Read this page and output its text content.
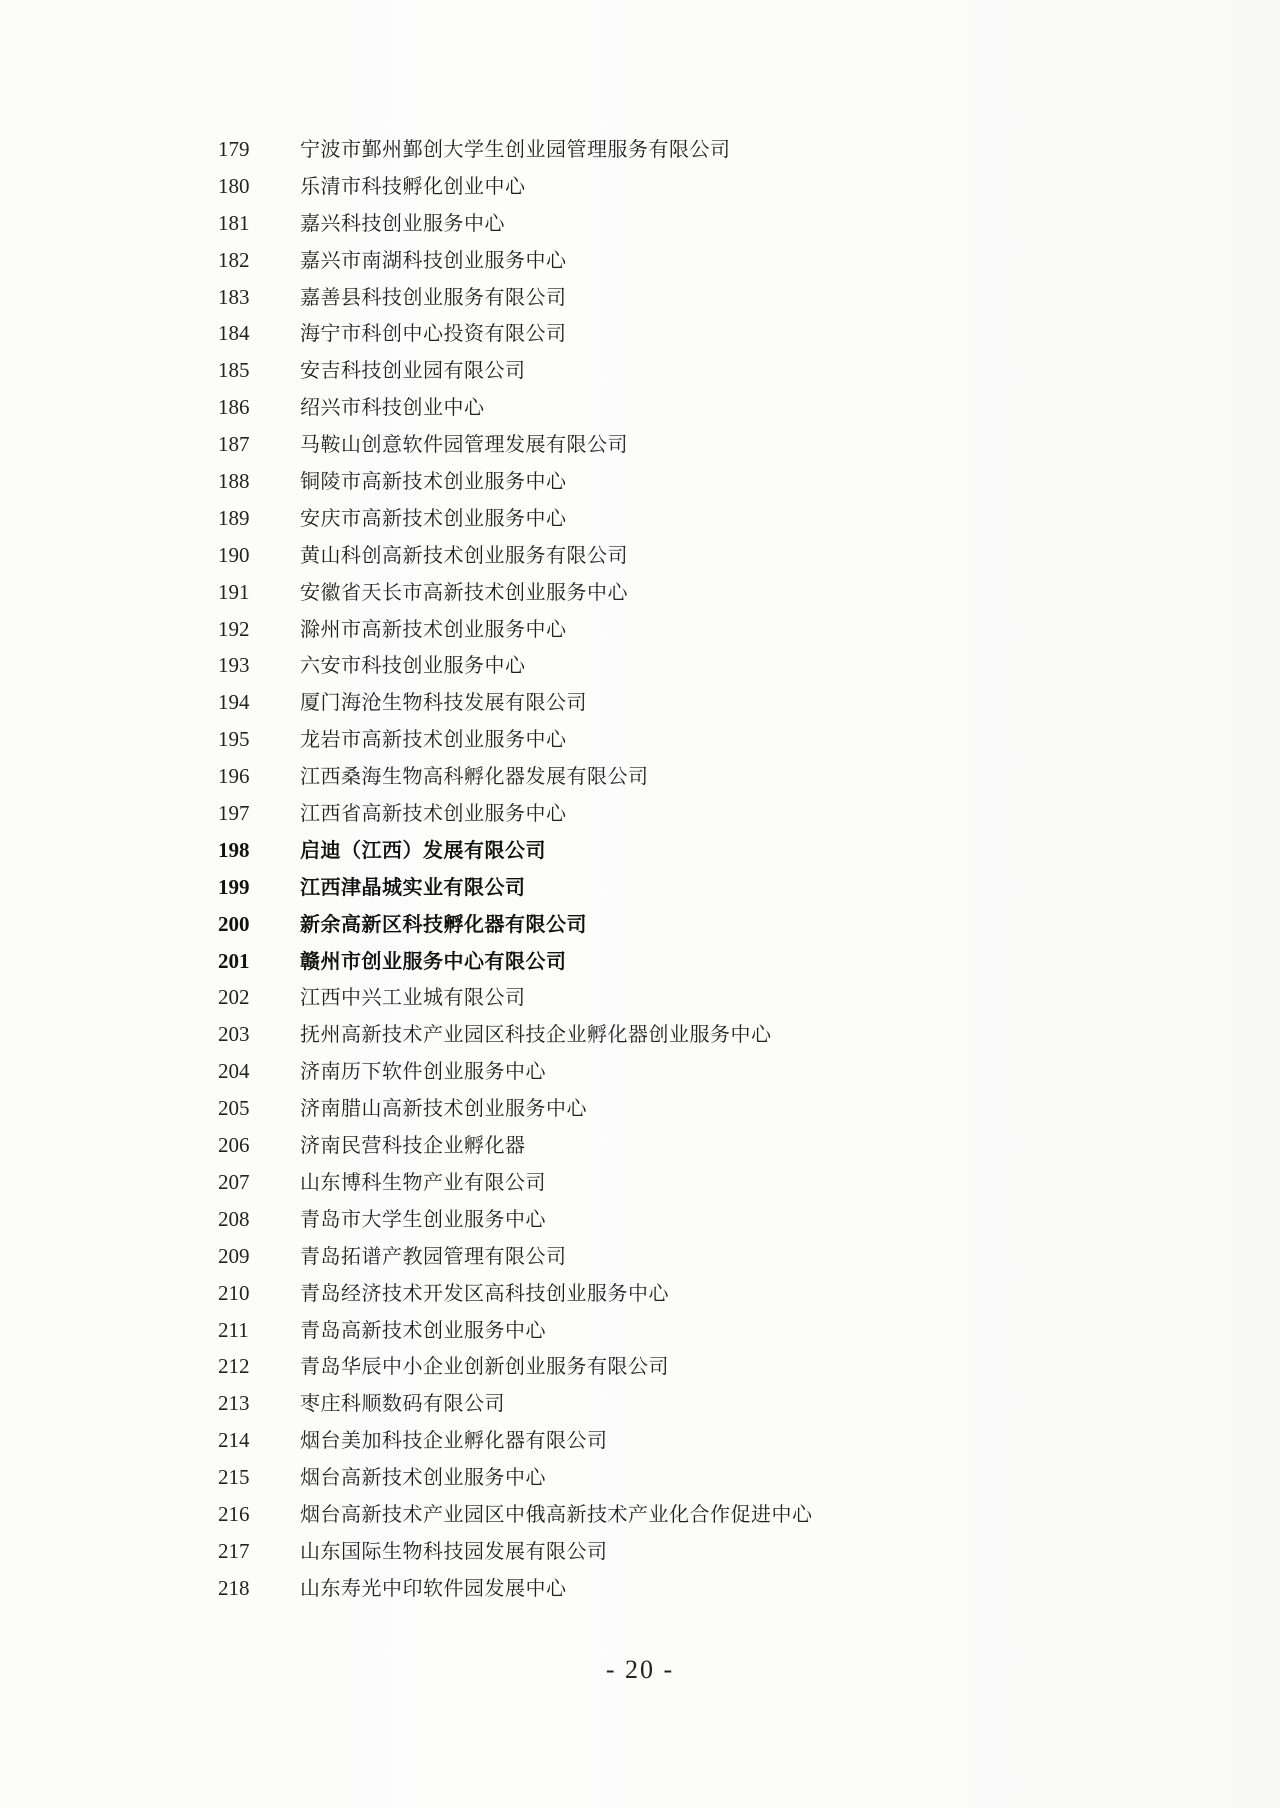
179	宁波市鄞州鄞创大学生创业园管理服务有限公司
180	乐清市科技孵化创业中心
181	嘉兴科技创业服务中心
182	嘉兴市南湖科技创业服务中心
183	嘉善县科技创业服务有限公司
184	海宁市科创中心投资有限公司
185	安吉科技创业园有限公司
186	绍兴市科技创业中心
187	马鞍山创意软件园管理发展有限公司
188	铜陵市高新技术创业服务中心
189	安庆市高新技术创业服务中心
190	黄山科创高新技术创业服务有限公司
191	安徽省天长市高新技术创业服务中心
192	滁州市高新技术创业服务中心
193	六安市科技创业服务中心
194	厦门海沧生物科技发展有限公司
195	龙岩市高新技术创业服务中心
196	江西桑海生物高科孵化器发展有限公司
197	江西省高新技术创业服务中心
198	启迪（江西）发展有限公司
199	江西津晶城实业有限公司
200	新余高新区科技孵化器有限公司
201	赣州市创业服务中心有限公司
202	江西中兴工业城有限公司
203	抚州高新技术产业园区科技企业孵化器创业服务中心
204	济南历下软件创业服务中心
205	济南腊山高新技术创业服务中心
206	济南民营科技企业孵化器
207	山东博科生物产业有限公司
208	青岛市大学生创业服务中心
209	青岛拓谱产教园管理有限公司
210	青岛经济技术开发区高科技创业服务中心
211	青岛高新技术创业服务中心
212	青岛华辰中小企业创新创业服务有限公司
213	枣庄科顺数码有限公司
214	烟台美加科技企业孵化器有限公司
215	烟台高新技术创业服务中心
216	烟台高新技术产业园区中俄高新技术产业化合作促进中心
217	山东国际生物科技园发展有限公司
218	山东寿光中印软件园发展中心
- 20 -
